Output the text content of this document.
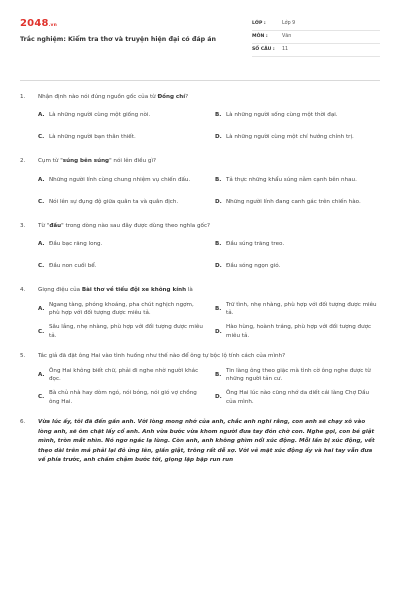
2048.vn
Trắc nghiệm: Kiểm tra thơ và truyện hiện đại có đáp án
LỚP :	Lớp 9
MÔN :	Văn
SỐ CÂU :	11
1.	Nhận định nào nói đúng nguồn gốc của từ Đồng chí?
A. Là những người cùng một giống nòi.	B. Là những người sống cùng một thời đại.
C. Là những người bạn thân thiết.	D. Là những người cùng một chí hướng chính trị.
2.	Cụm từ "súng bên súng" nói lên điều gì?
A. Những người lính cùng chung nhiệm vụ chiến đấu.	B. Tả thực những khẩu súng nằm cạnh bên nhau.
C. Nói lên sự đụng độ giữa quân ta và quân địch.	D. Những người lính đang canh gác trên chiến hào.
3.	Từ "đầu" trong dòng nào sau đây được dùng theo nghĩa gốc?
A. Đầu bạc răng long.	B. Đầu súng trăng treo.
C. Đầu non cuối bể.	D. Đầu sóng ngọn gió.
4.	Giọng điệu của Bài thơ về tiểu đội xe không kính là
A.
Ngang tàng, phóng khoáng, pha chút nghịch ngợm, phù hợp với đối tượng được miêu tả.
B.
Trữ tình, nhẹ nhàng, phù hợp với đối tượng được miêu tả.
C.
Sâu lắng, nhẹ nhàng, phù hợp với đối tượng được miêu tả.
D.
Hào hùng, hoành tráng, phù hợp với đối tượng được miêu tả.
5.	Tác giả đã đặt ông Hai vào tình huống như thế nào để ông tự bộc lộ tính cách của mình?
A.
Ông Hai không biết chữ, phải đi nghe nhờ người khác đọc.
B.
Tin làng ông theo giặc mà tình cờ ông nghe được từ những người tản cư.
C.
Bà chủ nhà hay dòm ngó, nói bóng, nói gió vợ chồng ông Hai.
D.
Ông Hai lúc nào cũng nhớ da diết cái làng Chợ Dầu của mình.
6.	Vừa lúc ấy, tôi đã đến gần anh. Với lòng mong nhớ của anh, chắc anh nghĩ rằng, con anh sẽ chạy xô vào lòng anh, sẽ ôm chặt lấy cổ anh. Anh vừa bước vừa khom người đưa tay đón chờ con. Nghe gọi, con bé giật mình, tròn mắt nhìn. Nó ngơ ngác lạ lùng. Còn anh, anh không ghìm nổi xúc động. Mỗi lần bị xúc động, vết thẹo dài trên má phải lại đỏ ửng lên, giần giật, trông rất dễ sợ. Với vẻ mặt xúc động ấy và hai tay vẫn đưa về phía trước, anh chầm chậm bước tới, giọng lặp bặp run run
